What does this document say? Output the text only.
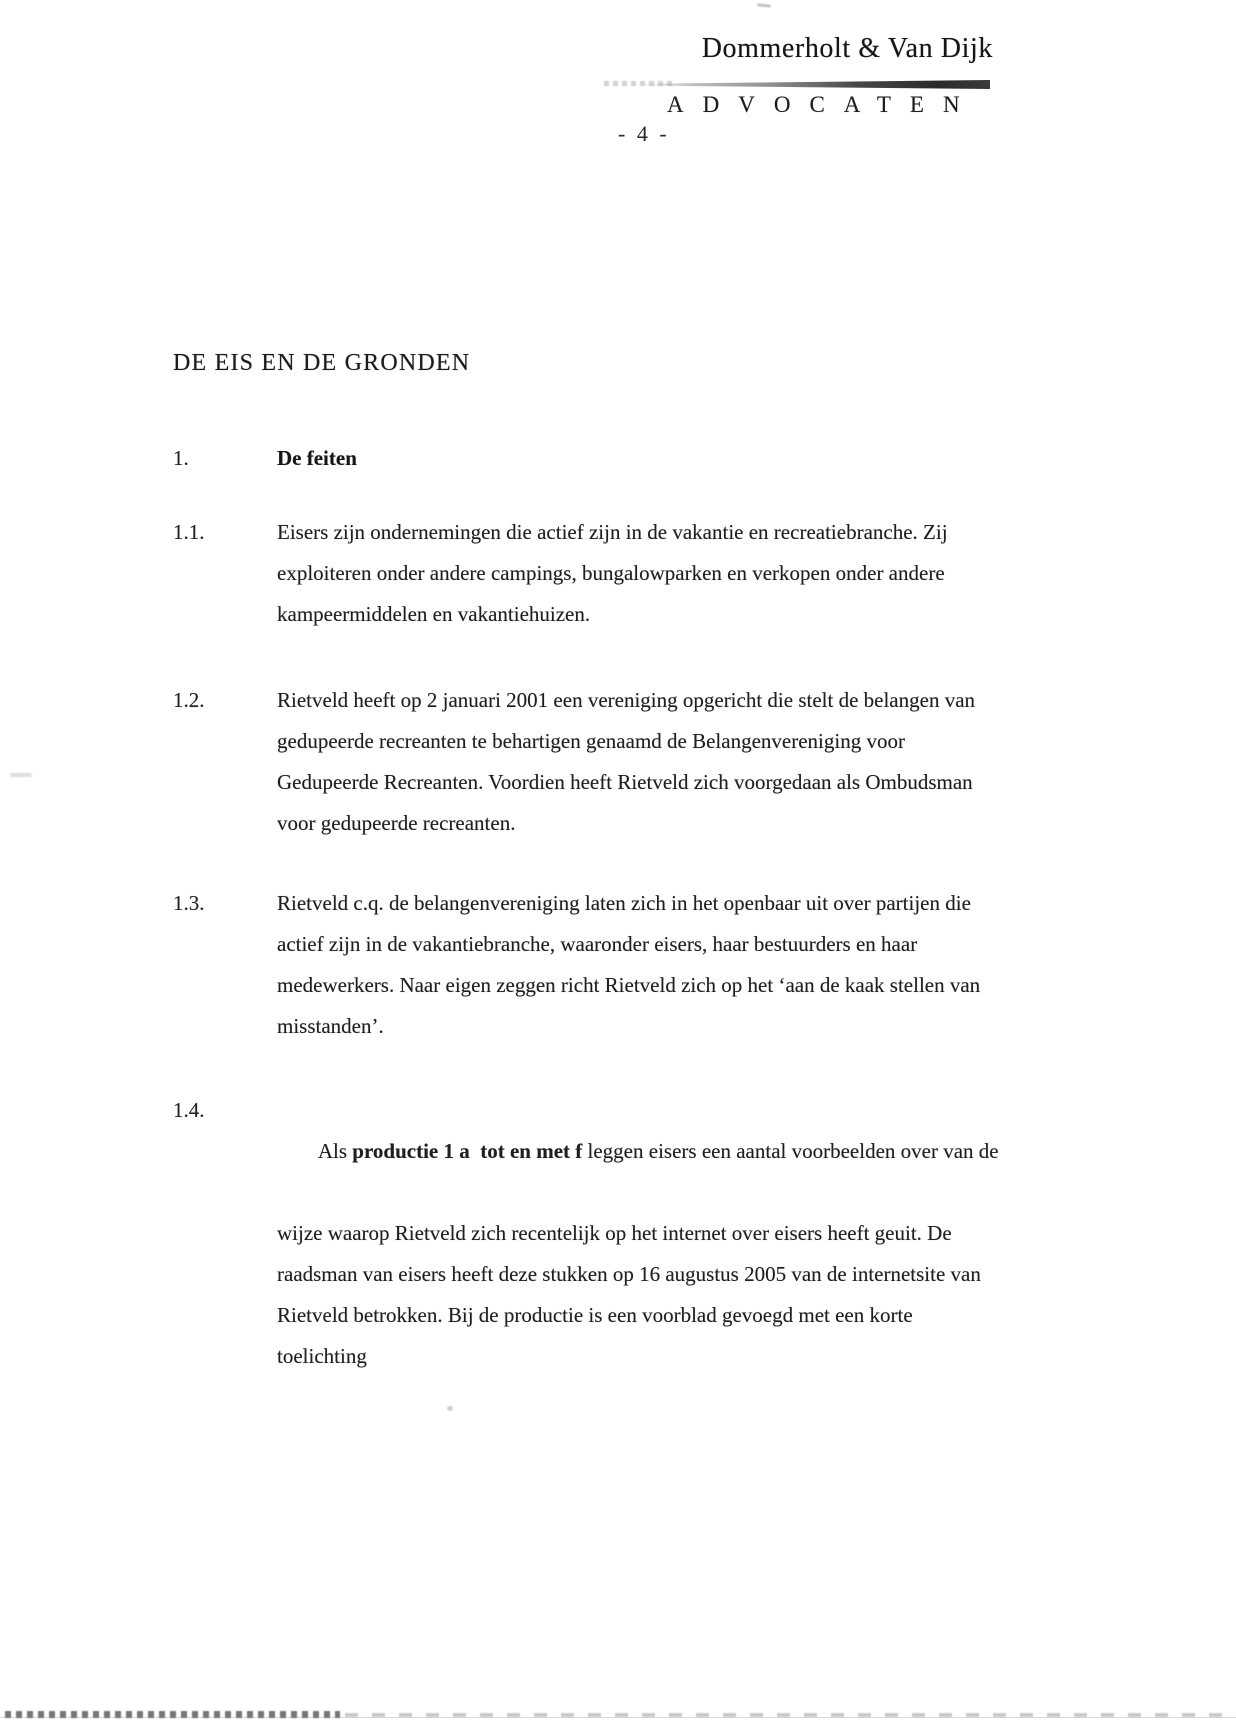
Dommerholt & Van Dijk
ADVOCATEN
- 4 -
DE EIS EN DE GRONDEN
1.	De feiten
1.1.	Eisers zijn ondernemingen die actief zijn in de vakantie en recreatiebranche. Zij
exploiteren onder andere campings, bungalowparken en verkopen onder andere
kampeermiddelen en vakantiehuizen.
1.2.	Rietveld heeft op 2 januari 2001 een vereniging opgericht die stelt de belangen van
gedupeerde recreanten te behartigen genaamd de Belangenvereniging voor
Gedupeerde Recreanten. Voordien heeft Rietveld zich voorgedaan als Ombudsman
voor gedupeerde recreanten.
1.3.	Rietveld c.q. de belangenvereniging laten zich in het openbaar uit over partijen die
actief zijn in de vakantiebranche, waaronder eisers, haar bestuurders en haar
medewerkers. Naar eigen zeggen richt Rietveld zich op het ‘aan de kaak stellen van
misstanden’.
1.4.

Als productie 1 a  tot en met f leggen eisers een aantal voorbeelden over van de

wijze waarop Rietveld zich recentelijk op het internet over eisers heeft geuit. De
raadsman van eisers heeft deze stukken op 16 augustus 2005 van de internetsite van
Rietveld betrokken. Bij de productie is een voorblad gevoegd met een korte
toelichting
